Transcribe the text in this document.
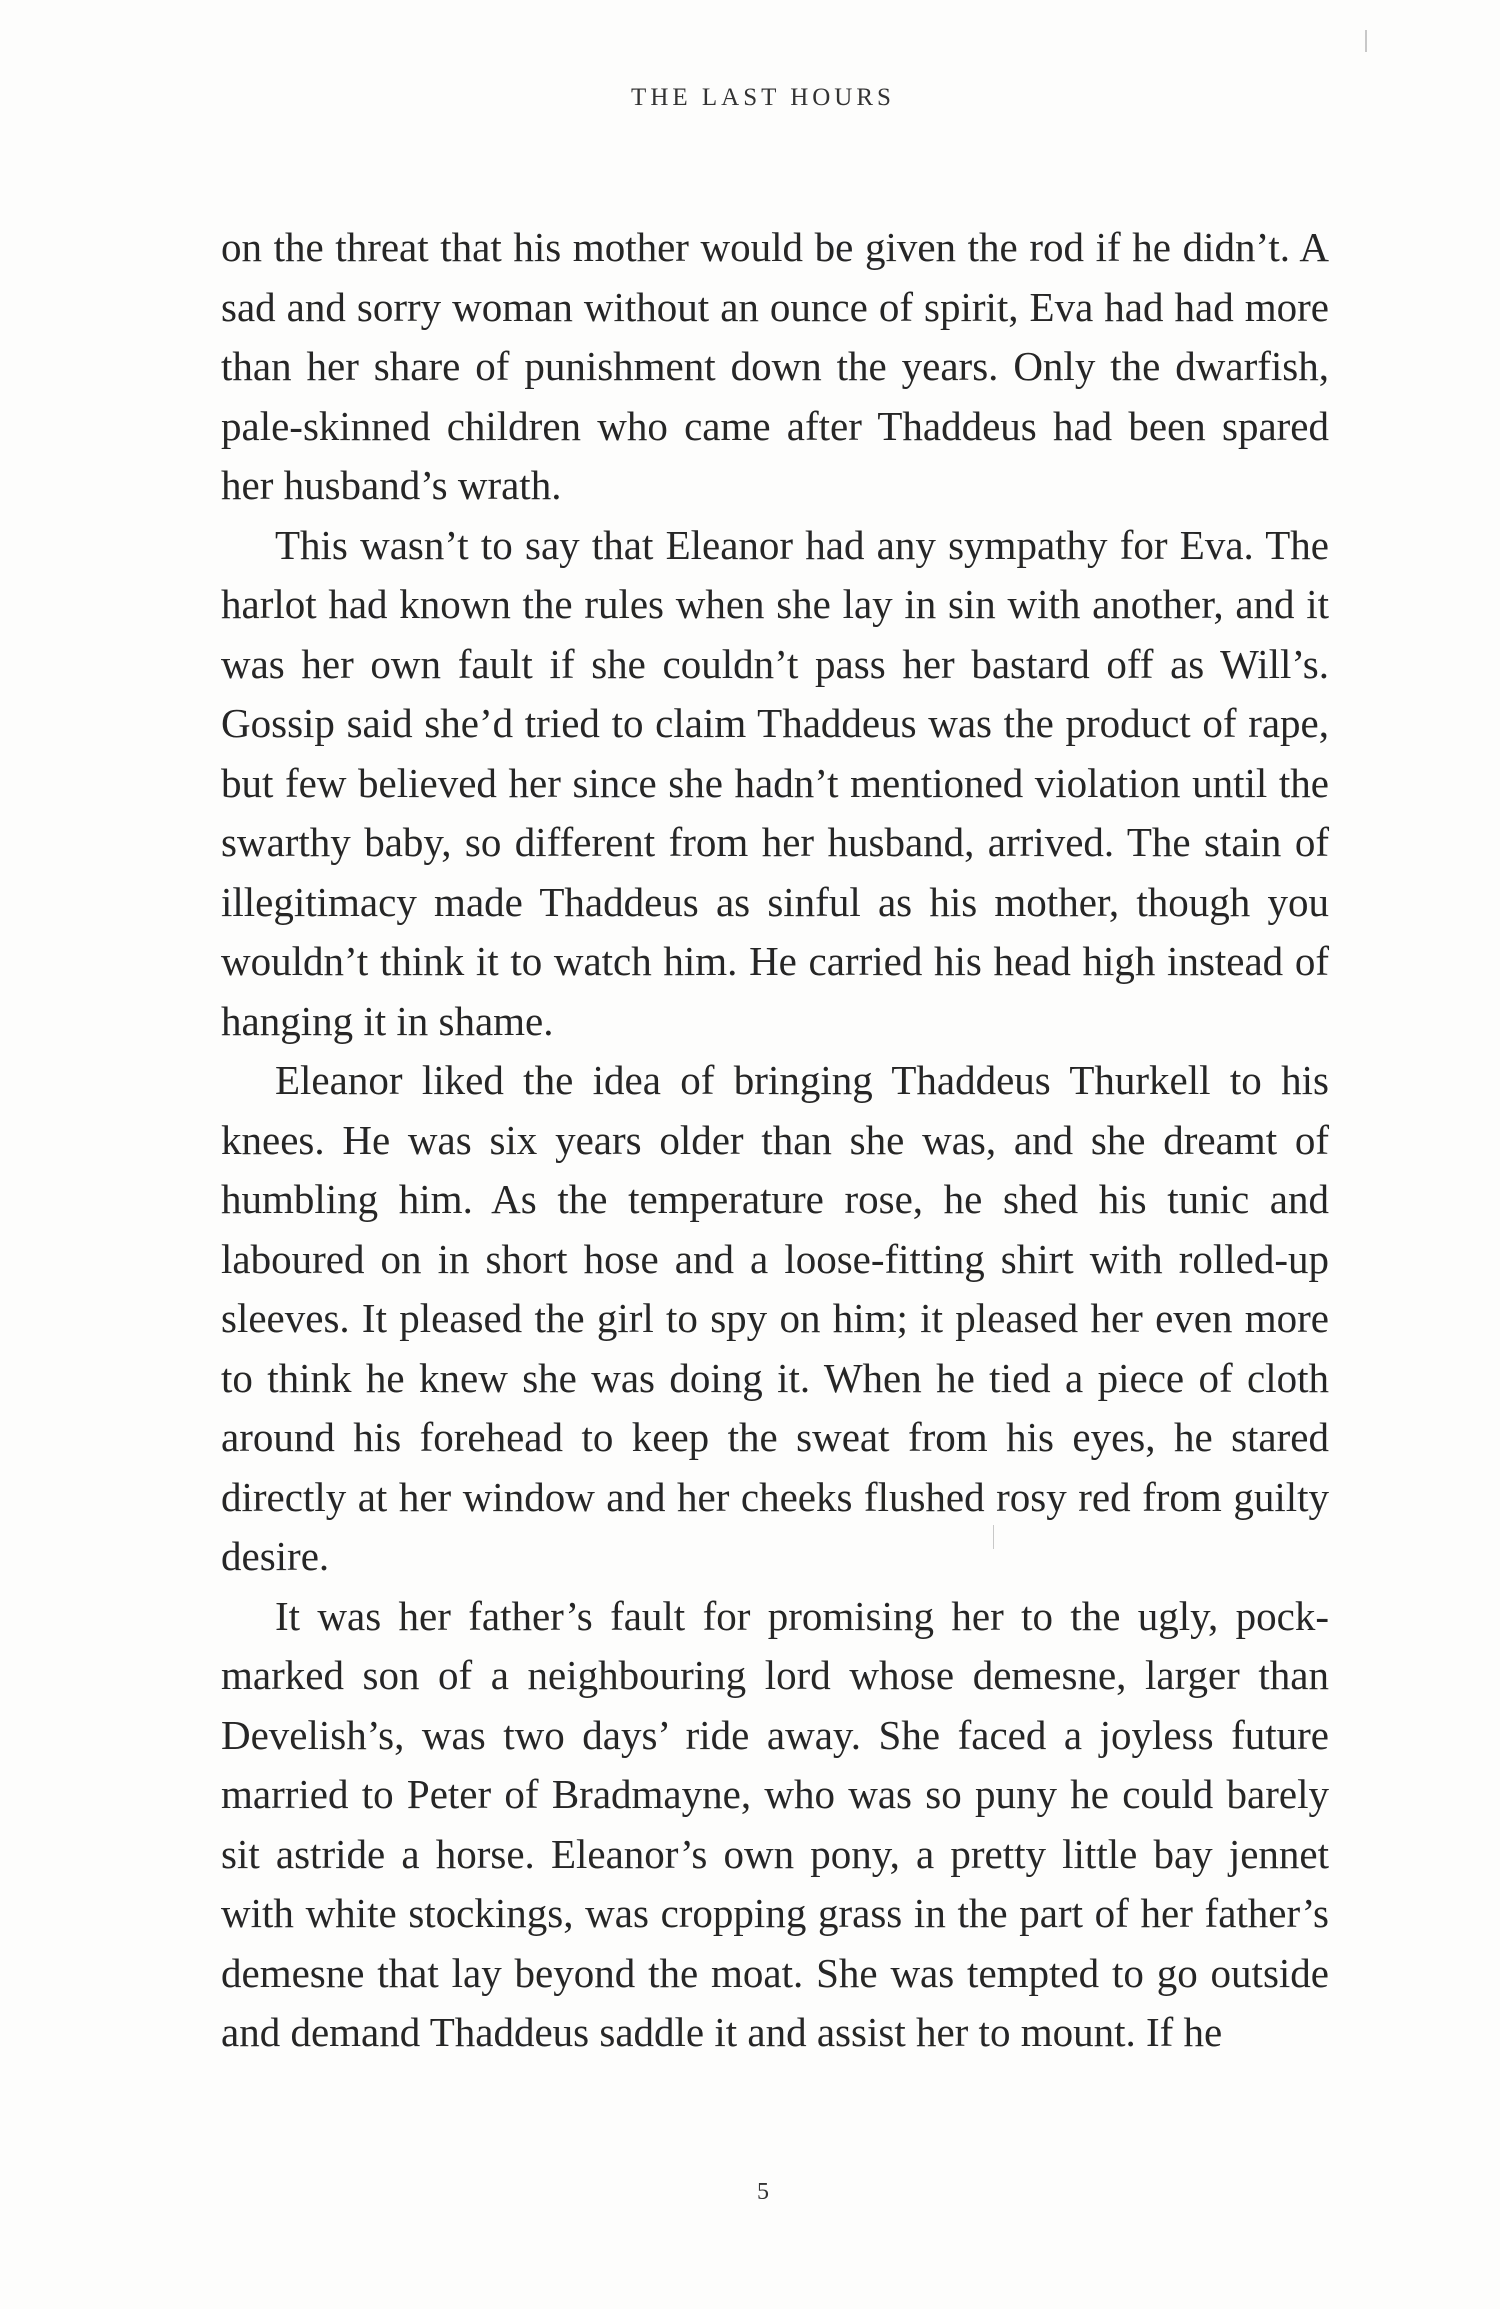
THE LAST HOURS

on the threat that his mother would be given the rod if he didn’t. A sad and sorry woman without an ounce of spirit, Eva had had more than her share of punishment down the years. Only the dwarfish, pale-skinned children who came after Thaddeus had been spared her husband’s wrath.

This wasn’t to say that Eleanor had any sympathy for Eva. The harlot had known the rules when she lay in sin with another, and it was her own fault if she couldn’t pass her bastard off as Will’s. Gossip said she’d tried to claim Thaddeus was the product of rape, but few believed her since she hadn’t mentioned violation until the swarthy baby, so different from her husband, arrived. The stain of illegitimacy made Thaddeus as sinful as his mother, though you wouldn’t think it to watch him. He carried his head high instead of hanging it in shame.

Eleanor liked the idea of bringing Thaddeus Thurkell to his knees. He was six years older than she was, and she dreamt of humbling him. As the temperature rose, he shed his tunic and laboured on in short hose and a loose-fitting shirt with rolled-up sleeves. It pleased the girl to spy on him; it pleased her even more to think he knew she was doing it. When he tied a piece of cloth around his forehead to keep the sweat from his eyes, he stared directly at her window and her cheeks flushed rosy red from guilty desire.

It was her father’s fault for promising her to the ugly, pock-marked son of a neighbouring lord whose demesne, larger than Develish’s, was two days’ ride away. She faced a joyless future married to Peter of Bradmayne, who was so puny he could barely sit astride a horse. Eleanor’s own pony, a pretty little bay jennet with white stockings, was cropping grass in the part of her father’s demesne that lay beyond the moat. She was tempted to go outside and demand Thaddeus saddle it and assist her to mount. If he

5
